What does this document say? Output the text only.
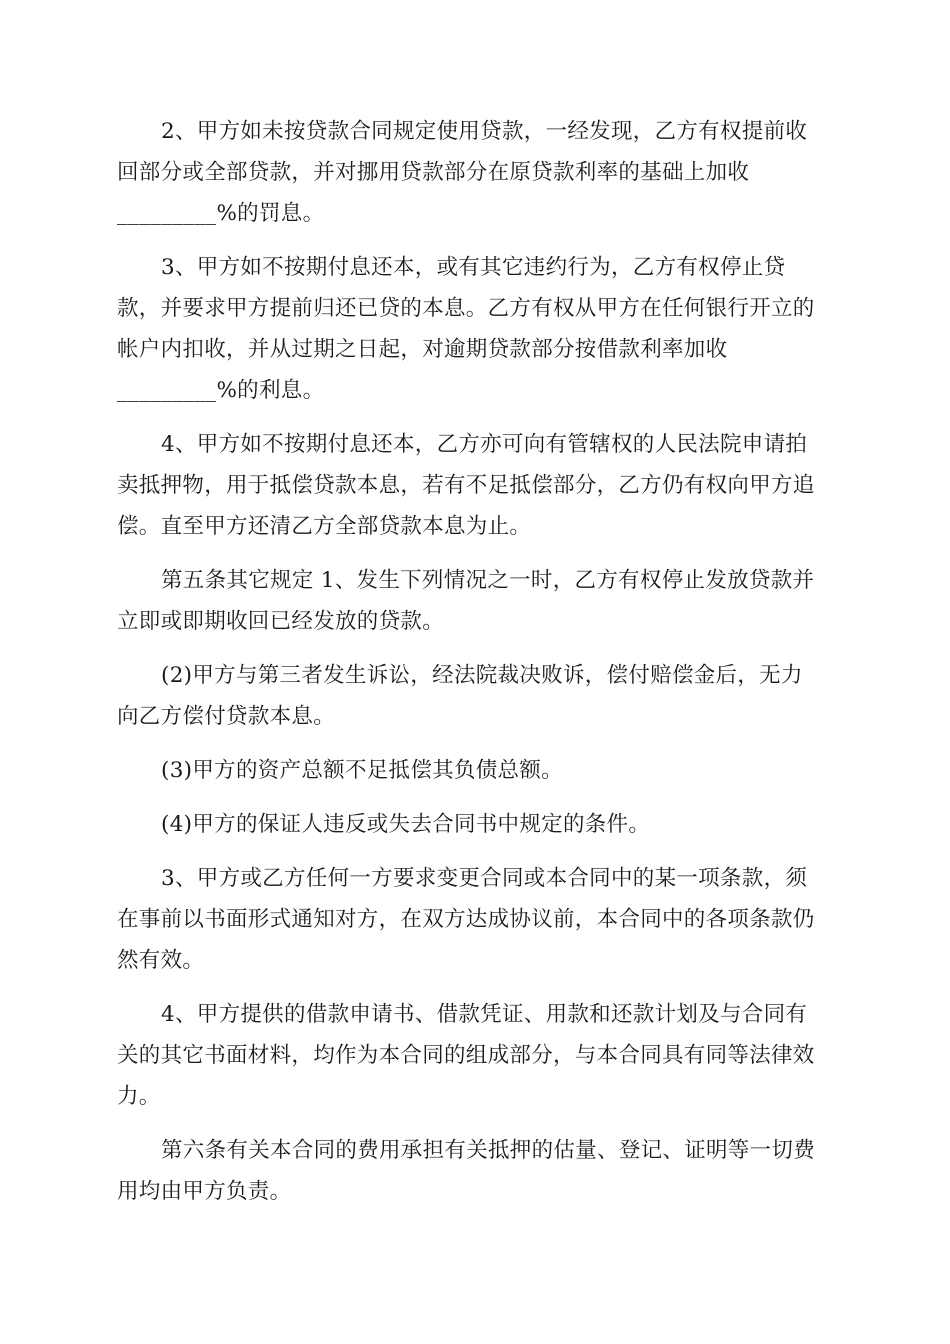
2、甲方如未按贷款合同规定使用贷款，一经发现，乙方有权提前收
回部分或全部贷款，并对挪用贷款部分在原贷款利率的基础上加收
_________%的罚息。

3、甲方如不按期付息还本，或有其它违约行为，乙方有权停止贷
款，并要求甲方提前归还已贷的本息。乙方有权从甲方在任何银行开立的
帐户内扣收，并从过期之日起，对逾期贷款部分按借款利率加收
_________%的利息。

4、甲方如不按期付息还本，乙方亦可向有管辖权的人民法院申请拍
卖抵押物，用于抵偿贷款本息，若有不足抵偿部分，乙方仍有权向甲方追
偿。直至甲方还清乙方全部贷款本息为止。

第五条其它规定 1、发生下列情况之一时，乙方有权停止发放贷款并
立即或即期收回已经发放的贷款。

(2)甲方与第三者发生诉讼，经法院裁决败诉，偿付赔偿金后，无力
向乙方偿付贷款本息。

(3)甲方的资产总额不足抵偿其负债总额。

(4)甲方的保证人违反或失去合同书中规定的条件。

3、甲方或乙方任何一方要求变更合同或本合同中的某一项条款，须
在事前以书面形式通知对方，在双方达成协议前，本合同中的各项条款仍
然有效。

4、甲方提供的借款申请书、借款凭证、用款和还款计划及与合同有
关的其它书面材料，均作为本合同的组成部分，与本合同具有同等法律效
力。

第六条有关本合同的费用承担有关抵押的估量、登记、证明等一切费
用均由甲方负责。
